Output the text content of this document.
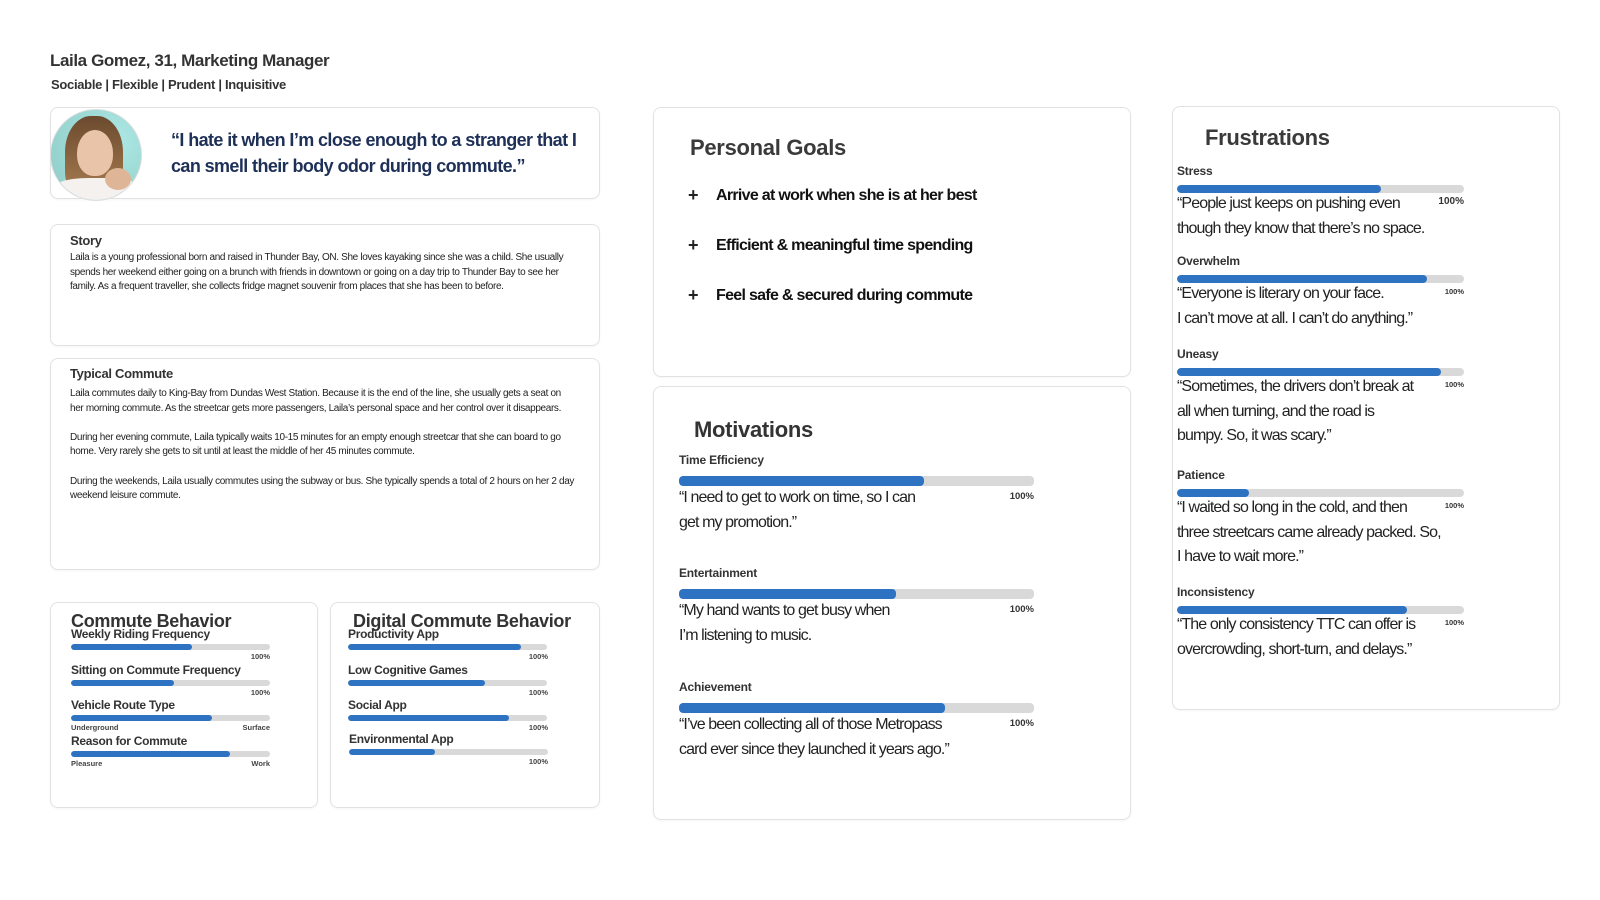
Laila Gomez, 31, Marketing Manager
Sociable | Flexible | Prudent | Inquisitive
“I hate it when I’m close enough to a stranger that I can smell their body odor during commute.”
Story
Laila is a young professional born and raised in Thunder Bay, ON. She loves kayaking since she was a child. She usually spends her weekend either going on a brunch with friends in downtown or going on a day trip to Thunder Bay to see her family. As a frequent traveller, she collects fridge magnet souvenir from places that she has been to before.
Typical Commute

Laila commutes daily to King-Bay from Dundas West Station. Because it is the end of the line, she usually gets a seat on her morning commute. As the streetcar gets more passengers, Laila’s personal space and her control over it disappears.

During her evening commute, Laila typically waits 10-15 minutes for an empty enough streetcar that she can board to go home. Very rarely she gets to sit until at least the middle of her 45 minutes commute.

During the weekends, Laila usually commutes using the subway or bus. She typically spends a total of 2 hours on her 2 day weekend leisure commute.

Commute Behavior
Weekly Riding Frequency
100%
Sitting on Commute Frequency
100%
Vehicle Route Type
Underground	Surface
Reason for Commute
Pleasure	Work
Digital Commute Behavior
Productivity App
100%
Low Cognitive Games
100%
Social App
100%
Environmental App
100%
Personal Goals
+	Arrive at work when she is at her best
+	Efficient & meaningful time spending
+	Feel safe & secured during commute
Motivations
Time Efficiency
100%
“I need to get to work on time, so I can
get my promotion.”
Entertainment
100%
“My hand wants to get busy when
I’m listening to music.
Achievement
100%
“I’ve been collecting all of those Metropass
card ever since they launched it years ago.”
Frustrations
Stress
100%
“People just keeps on pushing even
though they know that there’s no space.
Overwhelm
100%
“Everyone is literary on your face.
I can’t move at all. I can’t do anything.”
Uneasy
100%
“Sometimes, the drivers don’t break at
all when turning, and the road is
bumpy. So, it was scary.”
Patience
100%
“I waited so long in the cold, and then
three streetcars came already packed. So,
I have to wait more.”
Inconsistency
100%
“The only consistency TTC can offer is
overcrowding, short-turn, and delays.”
